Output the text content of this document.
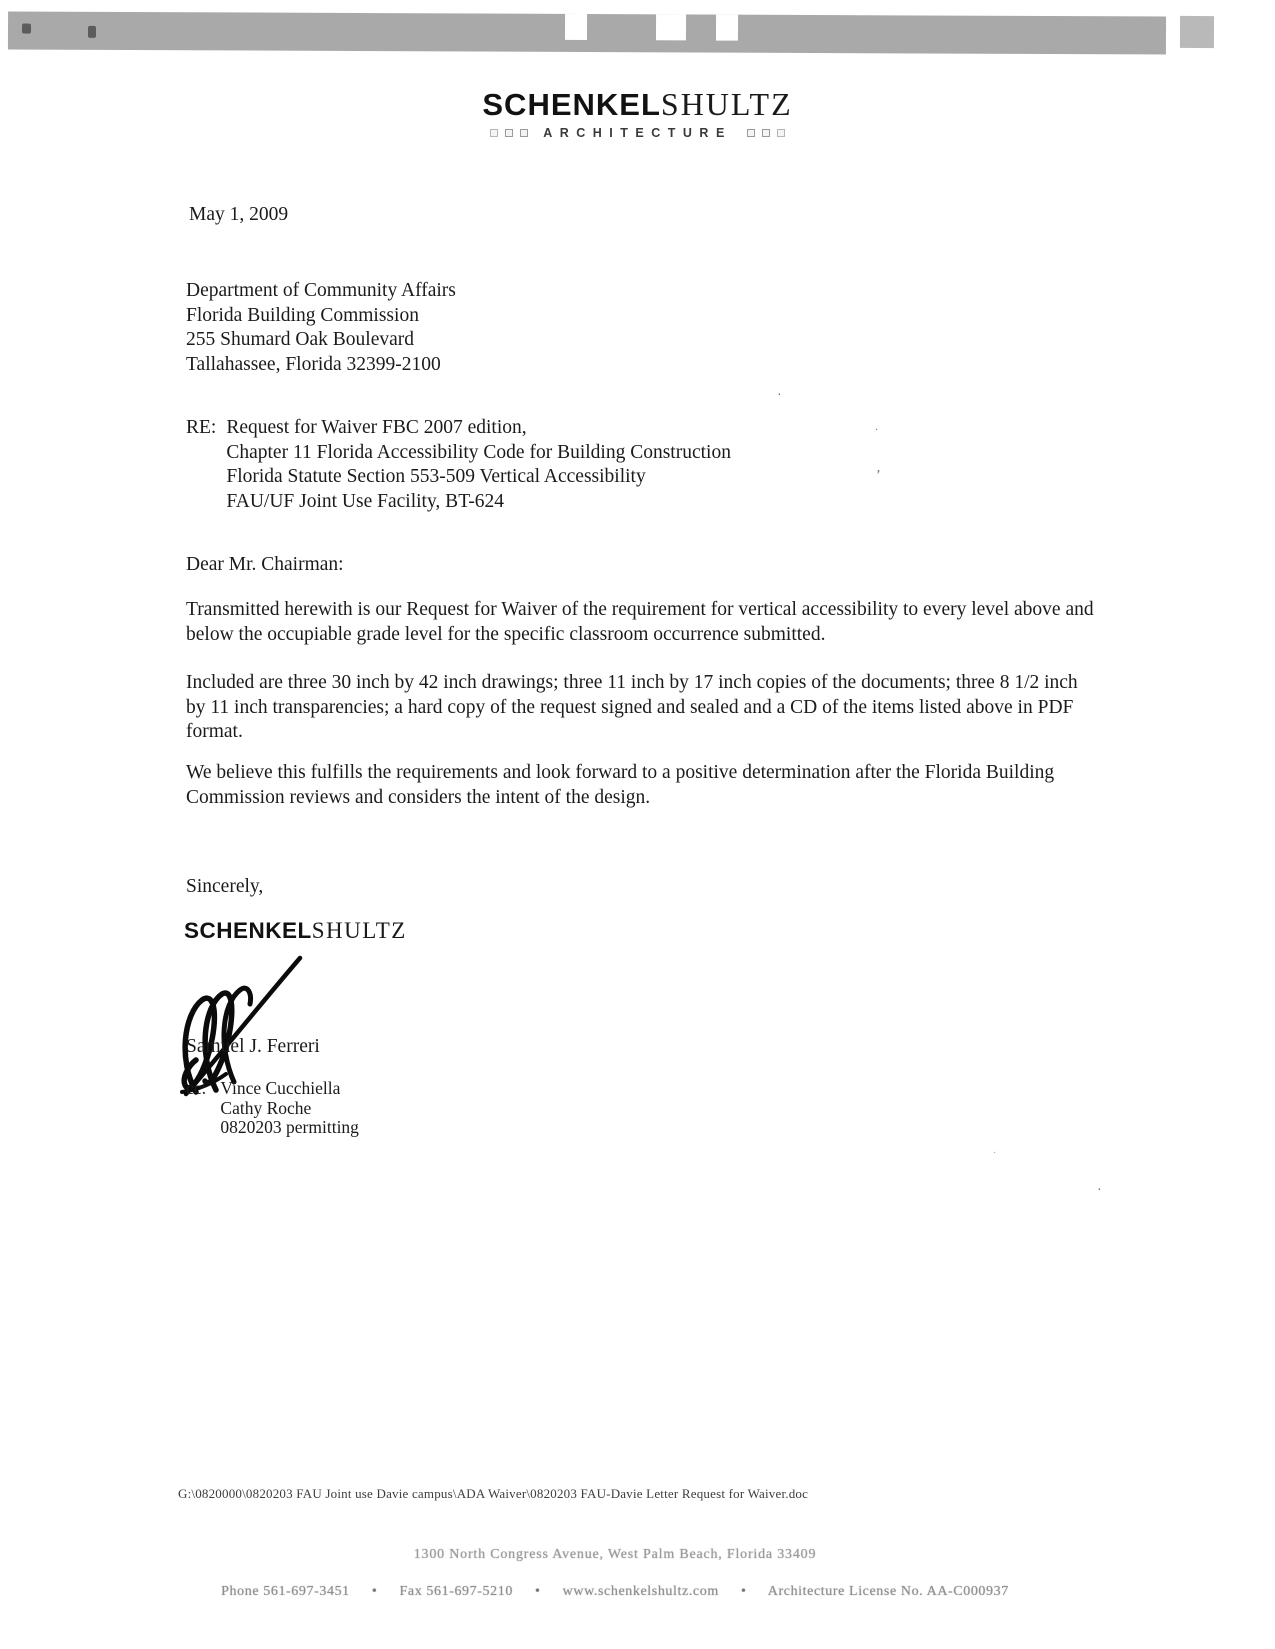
SCHENKELSHULTZ
ARCHITECTURE
May 1, 2009
Department of Community Affairs
Florida Building Commission
255 Shumard Oak Boulevard
Tallahassee, Florida 32399-2100
RE: Request for Waiver FBC 2007 edition,
Chapter 11 Florida Accessibility Code for Building Construction
Florida Statute Section 553-509 Vertical Accessibility
FAU/UF Joint Use Facility, BT-624
Dear Mr. Chairman:

Transmitted herewith is our Request for Waiver of the requirement for vertical accessibility to every level above and below the occupiable grade level for the specific classroom occurrence submitted.

Included are three 30 inch by 42 inch drawings; three 11 inch by 17 inch copies of the documents; three 8 1/2 inch by 11 inch transparencies; a hard copy of the request signed and sealed and a CD of the items listed above in PDF format.

We believe this fulfills the requirements and look forward to a positive determination after the Florida Building Commission reviews and considers the intent of the design.

Sincerely,
SCHENKELSHULTZ
Samuel J. Ferreri
cc: Vince Cucchiella
Cathy Roche
0820203 permitting
’
·
·
·
·
G:\0820000\0820203 FAU Joint use Davie campus\ADA Waiver\0820203 FAU-Davie Letter Request for Waiver.doc
1300 North Congress Avenue, West Palm Beach, Florida 33409
Phone 561-697-3451 • Fax 561-697-5210 • www.schenkelshultz.com • Architecture License No. AA-C000937
